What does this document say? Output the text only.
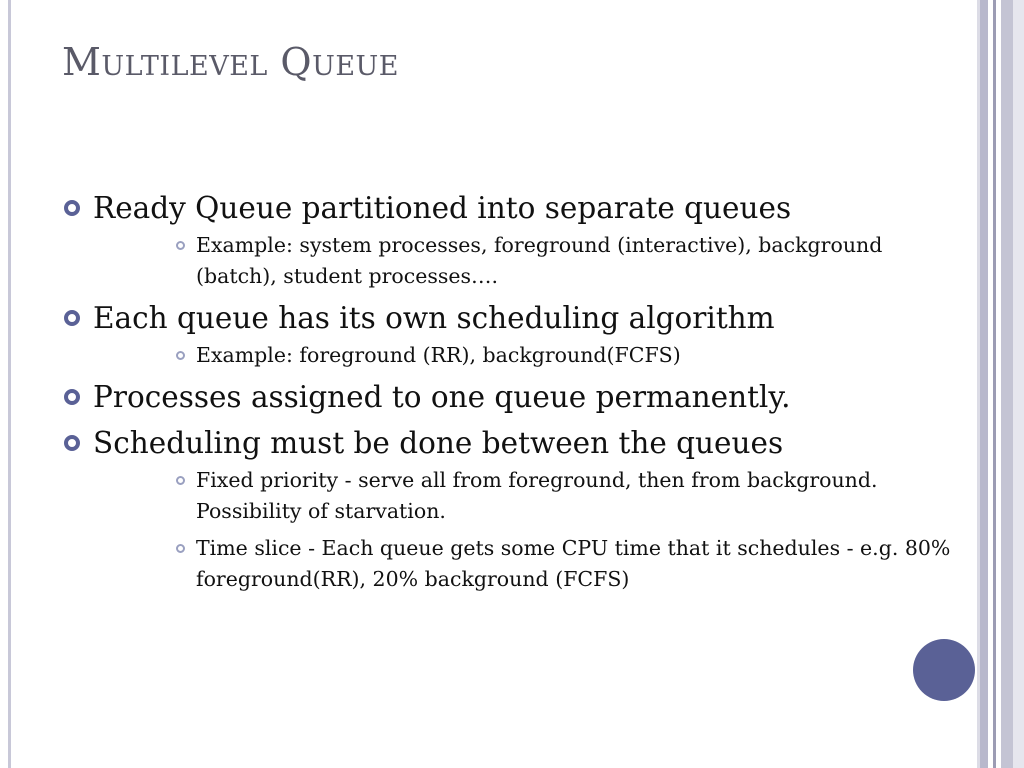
Multilevel Queue
Ready Queue partitioned into separate queues
Example: system processes, foreground (interactive), background (batch), student processes….
Each queue has its own scheduling algorithm
Example: foreground (RR), background(FCFS)
Processes assigned to one queue permanently.
Scheduling must be done between the queues
Fixed priority - serve all from foreground, then from background. Possibility of starvation.
Time slice - Each queue gets some CPU time that it schedules - e.g. 80% foreground(RR), 20% background (FCFS)
